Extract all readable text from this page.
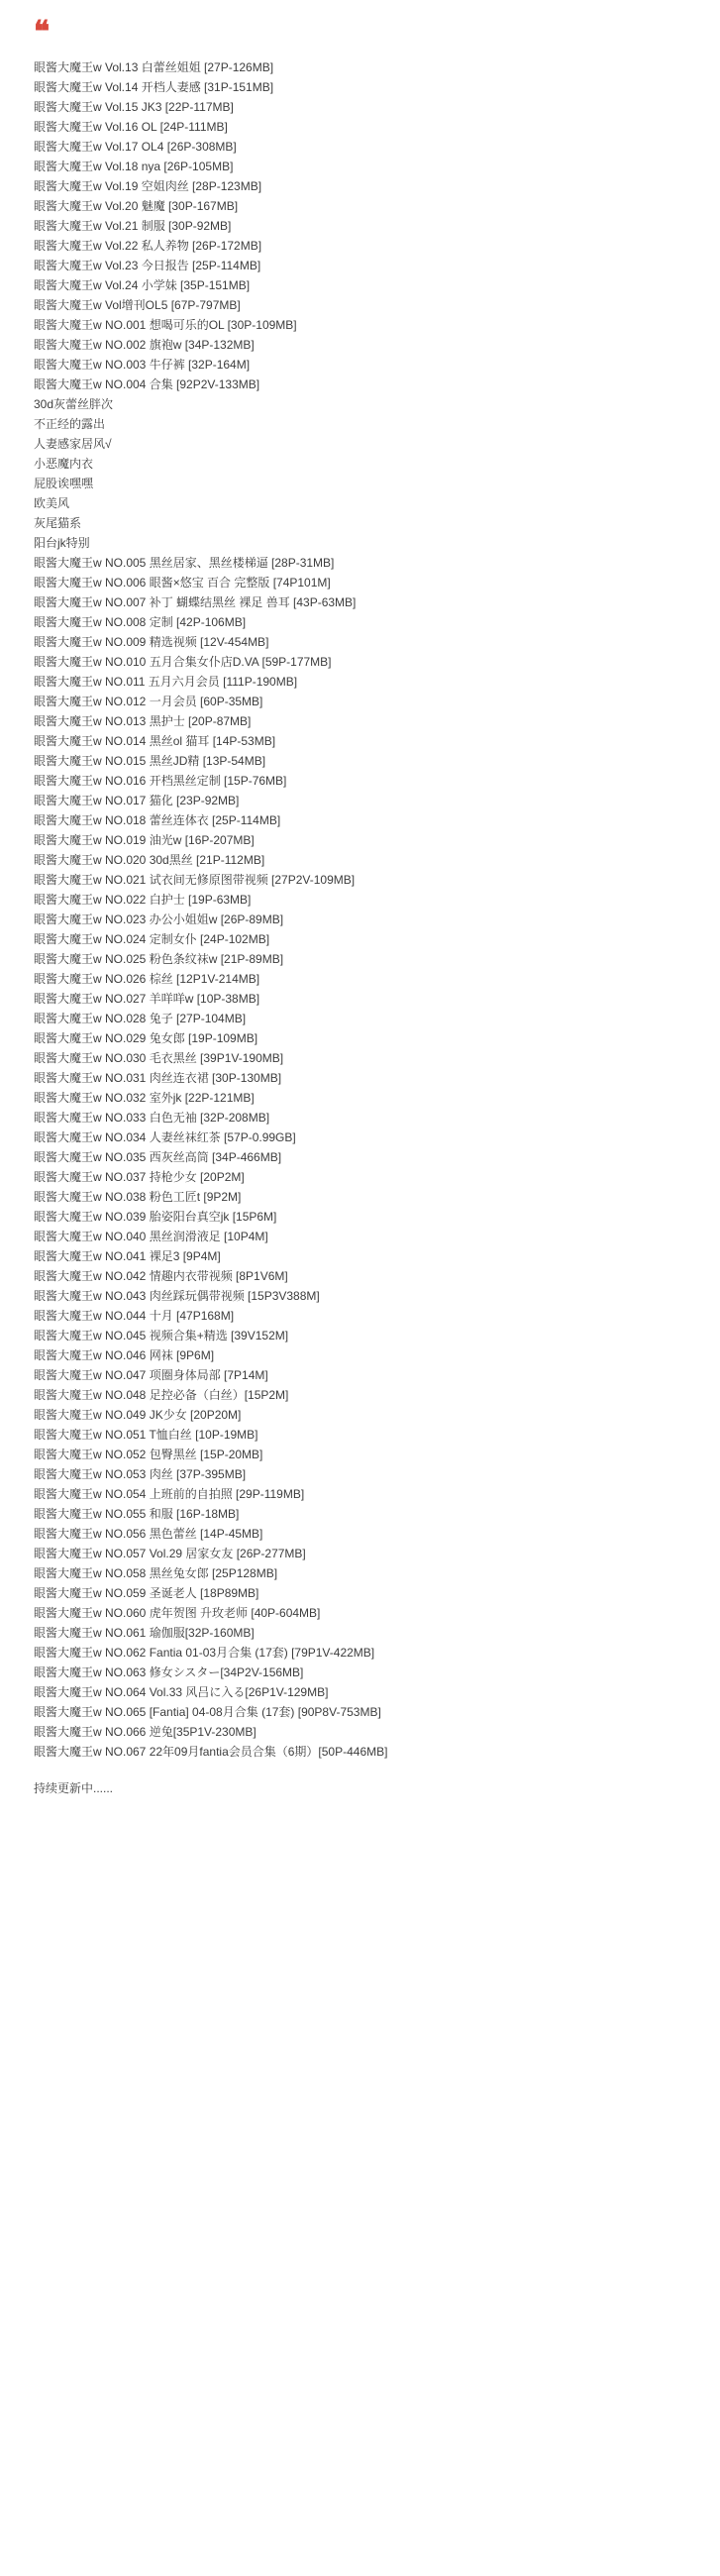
❝
眼酱大魔王w Vol.13 白蕾丝姐姐 [27P-126MB]
眼酱大魔王w Vol.14 开档人妻感 [31P-151MB]
眼酱大魔王w Vol.15 JK3 [22P-117MB]
眼酱大魔王w Vol.16 OL [24P-111MB]
眼酱大魔王w Vol.17 OL4 [26P-308MB]
眼酱大魔王w Vol.18 nya [26P-105MB]
眼酱大魔王w Vol.19 空姐肉丝 [28P-123MB]
眼酱大魔王w Vol.20 魅魔 [30P-167MB]
眼酱大魔王w Vol.21 制服 [30P-92MB]
眼酱大魔王w Vol.22 私人养物 [26P-172MB]
眼酱大魔王w Vol.23 今日报告 [25P-114MB]
眼酱大魔王w Vol.24 小学妹 [35P-151MB]
眼酱大魔王w Vol增刊OL5 [67P-797MB]
眼酱大魔王w NO.001 想喝可乐的OL [30P-109MB]
眼酱大魔王w NO.002 旗袍w [34P-132MB]
眼酱大魔王w NO.003 牛仔裤 [32P-164M]
眼酱大魔王w NO.004 合集 [92P2V-133MB]
30d灰蕾丝胖次
不正经的露出
人妻感家居风√
小恶魔内衣
屁股诶嘿嘿
欧美风
灰尾猫系
阳台jk特别
眼酱大魔王w NO.005 黑丝居家、黑丝楼梯逼 [28P-31MB]
眼酱大魔王w NO.006 眼酱×悠宝 百合 完整版 [74P101M]
眼酱大魔王w NO.007 补丁 蝴蝶结黑丝 裸足 兽耳 [43P-63MB]
眼酱大魔王w NO.008 定制 [42P-106MB]
眼酱大魔王w NO.009 精选视频 [12V-454MB]
眼酱大魔王w NO.010 五月合集女仆店D.VA [59P-177MB]
眼酱大魔王w NO.011 五月六月会员 [111P-190MB]
眼酱大魔王w NO.012 一月会员 [60P-35MB]
眼酱大魔王w NO.013 黑护士 [20P-87MB]
眼酱大魔王w NO.014 黑丝ol 猫耳 [14P-53MB]
眼酱大魔王w NO.015 黑丝JD精 [13P-54MB]
眼酱大魔王w NO.016 开档黑丝定制 [15P-76MB]
眼酱大魔王w NO.017 猫化 [23P-92MB]
眼酱大魔王w NO.018 蕾丝连体衣 [25P-114MB]
眼酱大魔王w NO.019 油光w [16P-207MB]
眼酱大魔王w NO.020 30d黑丝 [21P-112MB]
眼酱大魔王w NO.021 试衣间无修原图带视频 [27P2V-109MB]
眼酱大魔王w NO.022 白护士 [19P-63MB]
眼酱大魔王w NO.023 办公小姐姐w [26P-89MB]
眼酱大魔王w NO.024 定制女仆 [24P-102MB]
眼酱大魔王w NO.025 粉色条纹袜w [21P-89MB]
眼酱大魔王w NO.026 棕丝 [12P1V-214MB]
眼酱大魔王w NO.027 羊咩咩w [10P-38MB]
眼酱大魔王w NO.028 兔子 [27P-104MB]
眼酱大魔王w NO.029 兔女郎 [19P-109MB]
眼酱大魔王w NO.030 毛衣黑丝 [39P1V-190MB]
眼酱大魔王w NO.031 肉丝连衣裙 [30P-130MB]
眼酱大魔王w NO.032 室外jk [22P-121MB]
眼酱大魔王w NO.033 白色无袖 [32P-208MB]
眼酱大魔王w NO.034 人妻丝袜红茶 [57P-0.99GB]
眼酱大魔王w NO.035 西灰丝高筒 [34P-466MB]
眼酱大魔王w NO.037 持枪少女 [20P2M]
眼酱大魔王w NO.038 粉色工匠t [9P2M]
眼酱大魔王w NO.039 胎姿阳台真空jk [15P6M]
眼酱大魔王w NO.040 黑丝润滑液足 [10P4M]
眼酱大魔王w NO.041 裸足3 [9P4M]
眼酱大魔王w NO.042 情趣内衣带视频 [8P1V6M]
眼酱大魔王w NO.043 肉丝踩玩偶带视频 [15P3V388M]
眼酱大魔王w NO.044 十月 [47P168M]
眼酱大魔王w NO.045 视频合集+精选 [39V152M]
眼酱大魔王w NO.046 网袜 [9P6M]
眼酱大魔王w NO.047 项圈身体局部 [7P14M]
眼酱大魔王w NO.048 足控必备（白丝）[15P2M]
眼酱大魔王w NO.049 JK少女 [20P20M]
眼酱大魔王w NO.051 T恤白丝 [10P-19MB]
眼酱大魔王w NO.052 包臀黑丝 [15P-20MB]
眼酱大魔王w NO.053 肉丝 [37P-395MB]
眼酱大魔王w NO.054 上班前的自拍照 [29P-119MB]
眼酱大魔王w NO.055 和服 [16P-18MB]
眼酱大魔王w NO.056 黑色蕾丝 [14P-45MB]
眼酱大魔王w NO.057 Vol.29 居家女友 [26P-277MB]
眼酱大魔王w NO.058 黑丝兔女郎 [25P128MB]
眼酱大魔王w NO.059 圣诞老人 [18P89MB]
眼酱大魔王w NO.060 虎年贺图 升玫老师 [40P-604MB]
眼酱大魔王w NO.061 瑜伽服[32P-160MB]
眼酱大魔王w NO.062 Fantia 01-03月合集 (17套) [79P1V-422MB]
眼酱大魔王w NO.063 修女シスター[34P2V-156MB]
眼酱大魔王w NO.064 Vol.33 风吕に入る[26P1V-129MB]
眼酱大魔王w NO.065 [Fantia] 04-08月合集 (17套) [90P8V-753MB]
眼酱大魔王w NO.066 逆兔[35P1V-230MB]
眼酱大魔王w NO.067 22年09月fantia会员合集（6期）[50P-446MB]
持续更新中......
